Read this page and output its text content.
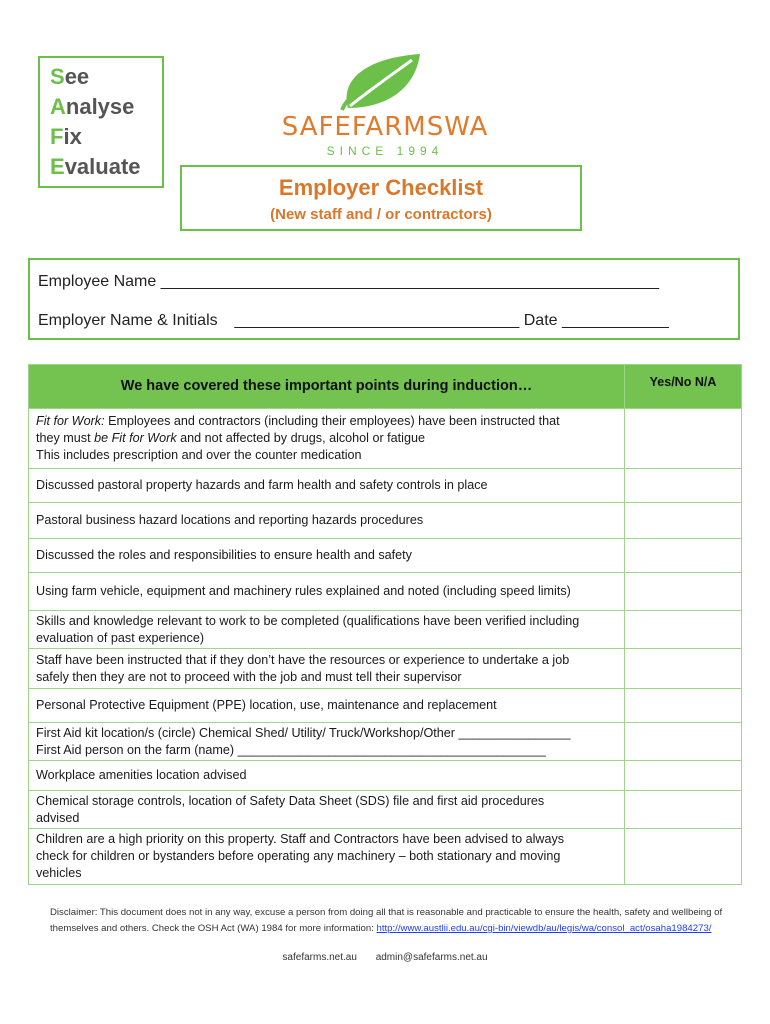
See
Analyse
Fix
Evaluate
SAFEFARMSWA
SINCE 1994
Employer Checklist
(New staff and / or contractors)
Employee Name ________________________________________________________
Employer Name & Initials ________________________________ Date ____________
We have covered these important points during induction…	Yes/No N/A

Fit for Work: Employees and contractors (including their employees) have been instructed that
they must be Fit for Work and not affected by drugs, alcohol or fatigue
This includes prescription and over the counter medication	

Discussed pastoral property hazards and farm health and safety controls in place	

Pastoral business hazard locations and reporting hazards procedures	

Discussed the roles and responsibilities to ensure health and safety	

Using farm vehicle, equipment and machinery rules explained and noted (including speed limits)	

Skills and knowledge relevant to work to be completed (qualifications have been verified including
evaluation of past experience)	

Staff have been instructed that if they don’t have the resources or experience to undertake a job
safely then they are not to proceed with the job and must tell their supervisor	

Personal Protective Equipment (PPE) location, use, maintenance and replacement	

First Aid kit location/s (circle) Chemical Shed/ Utility/ Truck/Workshop/Other ________________
First Aid person on the farm (name) ____________________________________________	

Workplace amenities location advised	

Chemical storage controls, location of Safety Data Sheet (SDS) file and first aid procedures
advised	

Children are a high priority on this property. Staff and Contractors have been advised to always
check for children or bystanders before operating any machinery – both stationary and moving
vehicles	

Disclaimer: This document does not in any way, excuse a person from doing all that is reasonable and practicable to ensure the health, safety and wellbeing of themselves and others. Check the OSH Act (WA) 1984 for more information: http://www.austlii.edu.au/cgi-bin/viewdb/au/legis/wa/consol_act/osaha1984273/
safefarms.net.au admin@safefarms.net.au
